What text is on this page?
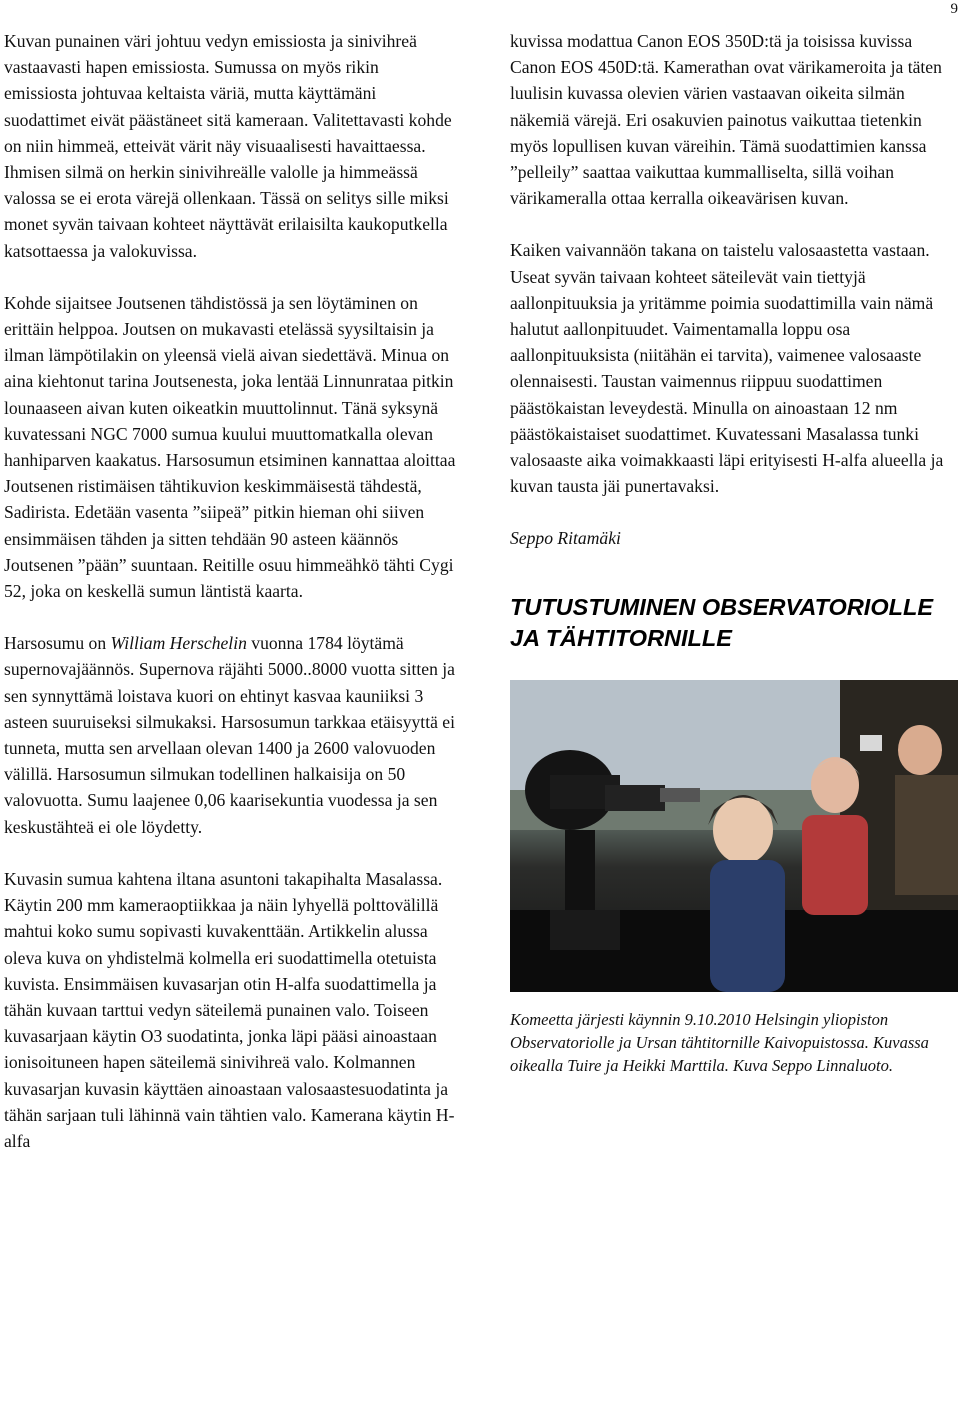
9

Kuvan punainen väri johtuu vedyn emissiosta ja sinivihreä vastaavasti hapen emissiosta. Sumussa on myös rikin emissiosta johtuvaa keltaista väriä, mutta käyttämäni suodattimet eivät päästäneet sitä kameraan. Valitettavasti kohde on niin himmeä, etteivät värit näy visuaalisesti havaittaessa. Ihmisen silmä on herkin sinivihreälle valolle ja himmeässä valossa se ei erota värejä ollenkaan. Tässä on selitys sille miksi monet syvän taivaan kohteet näyttävät erilaisilta kaukoputkella katsottaessa ja valokuvissa.

Kohde sijaitsee Joutsenen tähdistössä ja sen löytäminen on erittäin helppoa. Joutsen on mukavasti etelässä syysiltaisin ja ilman lämpötilakin on yleensä vielä aivan siedettävä. Minua on aina kiehtonut tarina Joutsenesta, joka lentää Linnunrataa pitkin lounaaseen aivan kuten oikeatkin muuttolinnut. Tänä syksynä kuvatessani NGC 7000 sumua kuului muuttomatkalla olevan hanhiparven kaakatus. Harsosumun etsiminen kannattaa aloittaa Joutsenen ristimäisen tähtikuvion keskimmäisestä tähdestä, Sadirista. Edetään vasenta ”siipeä” pitkin hieman ohi siiven ensimmäisen tähden ja sitten tehdään 90 asteen käännös Joutsenen ”pään” suuntaan. Reitille osuu himmeähkö tähti Cygi 52, joka on keskellä sumun läntistä kaarta.

Harsosumu on William Herschelin vuonna 1784 löytämä supernovajäännös. Supernova räjähti 5000..8000 vuotta sitten ja sen synnyttämä loistava kuori on ehtinyt kasvaa kauniiksi 3 asteen suuruiseksi silmukaksi. Harsosumun tarkkaa etäisyyttä ei tunneta, mutta sen arvellaan olevan 1400 ja 2600 valovuoden välillä. Harsosumun silmukan todellinen halkaisija on 50 valovuotta. Sumu laajenee 0,06 kaarisekuntia vuodessa ja sen keskustähteä ei ole löydetty.

Kuvasin sumua kahtena iltana asuntoni takapihalta Masalassa. Käytin 200 mm kameraoptiikkaa ja näin lyhyellä polttovälillä mahtui koko sumu sopivasti kuvakenttään. Artikkelin alussa oleva kuva on yhdistelmä kolmella eri suodattimella otetuista kuvista. Ensimmäisen kuvasarjan otin H-alfa suodattimella ja tähän kuvaan tarttui vedyn säteilemä punainen valo. Toiseen kuvasarjaan käytin O3 suodatinta, jonka läpi pääsi ainoastaan ionisoituneen hapen säteilemä sinivihreä valo. Kolmannen kuvasarjan kuvasin käyttäen ainoastaan valosaastesuodatinta ja tähän sarjaan tuli lähinnä vain tähtien valo. Kamerana käytin H-alfa

kuvissa modattua Canon EOS 350D:tä ja toisissa kuvissa Canon EOS 450D:tä. Kamerathan ovat värikameroita ja täten luulisin kuvassa olevien värien vastaavan oikeita silmän näkemiä värejä. Eri osakuvien painotus vaikuttaa tietenkin myös lopullisen kuvan väreihin. Tämä suodattimien kanssa ”pelleily” saattaa vaikuttaa kummalliselta, sillä voihan värikameralla ottaa kerralla oikeavärisen kuvan.

Kaiken vaivannäön takana on taistelu valosaastetta vastaan. Useat syvän taivaan kohteet säteilevät vain tiettyjä aallonpituuksia ja yritämme poimia suodattimilla vain nämä halutut aallonpituudet. Vaimentamalla loppu osa aallonpituuksista (niitähän ei tarvita), vaimenee valosaaste olennaisesti. Taustan vaimennus riippuu suodattimen päästökaistan leveydestä. Minulla on ainoastaan 12 nm päästökaistaiset suodattimet. Kuvatessani Masalassa tunki valosaaste aika voimakkaasti läpi erityisesti H-alfa alueella ja kuvan tausta jäi punertavaksi.

Seppo Ritamäki

TUTUSTUMINEN OBSERVATORIOLLE JA TÄHTITORNILLE

Komeetta järjesti käynnin 9.10.2010 Helsingin yliopiston Observatoriolle ja Ursan tähtitornille Kaivopuistossa. Kuvassa oikealla Tuire ja Heikki Marttila. Kuva Seppo Linnaluoto.
